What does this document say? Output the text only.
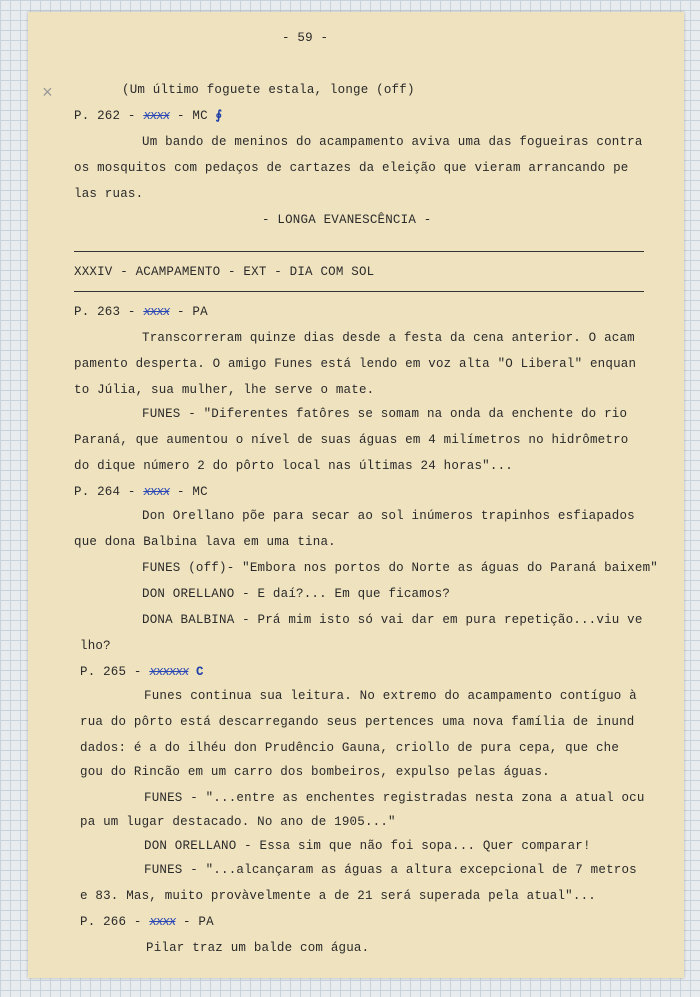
×
- 59 -
(Um último foguete estala, longe (off)
P. 262 - xxxx - MC ∮
Um bando de meninos do acampamento aviva uma das fogueiras contra
os mosquitos com pedaços de cartazes da eleição que vieram arrancando pe
las ruas.
- LONGA EVANESCÊNCIA -
XXXIV - ACAMPAMENTO - EXT - DIA COM SOL
P. 263 - xxxx - PA
Transcorreram quinze dias desde a festa da cena anterior. O acam
pamento desperta. O amigo Funes está lendo em voz alta "O Liberal" enquan
to Júlia, sua mulher, lhe serve o mate.
FUNES - "Diferentes fatôres se somam na onda da enchente do rio
Paraná, que aumentou o nível de suas águas em 4 milímetros no hidrômetro
do dique número 2 do pôrto local nas últimas 24 horas"...
P. 264 - xxxx - MC
Don Orellano põe para secar ao sol inúmeros trapinhos esfiapados
que dona Balbina lava em uma tina.
FUNES (off)- "Embora nos portos do Norte as águas do Paraná baixem"
DON ORELLANO - E daí?... Em que ficamos?
DONA BALBINA - Prá mim isto só vai dar em pura repetição...viu ve
lho?
P. 265 - xxxxxx C
Funes continua sua leitura. No extremo do acampamento contíguo à
rua do pôrto está descarregando seus pertences uma nova família de inund
dados: é a do ilhéu don Prudêncio Gauna, criollo de pura cepa, que che
gou do Rincão em um carro dos bombeiros, expulso pelas águas.
FUNES - "...entre as enchentes registradas nesta zona a atual ocu
pa um lugar destacado. No ano de 1905..."
DON ORELLANO - Essa sim que não foi sopa... Quer comparar!
FUNES - "...alcançaram as águas a altura excepcional de 7 metros
e 83. Mas, muito provàvelmente a de 21 será superada pela atual"...
P. 266 - xxxx - PA
Pilar traz um balde com água.
